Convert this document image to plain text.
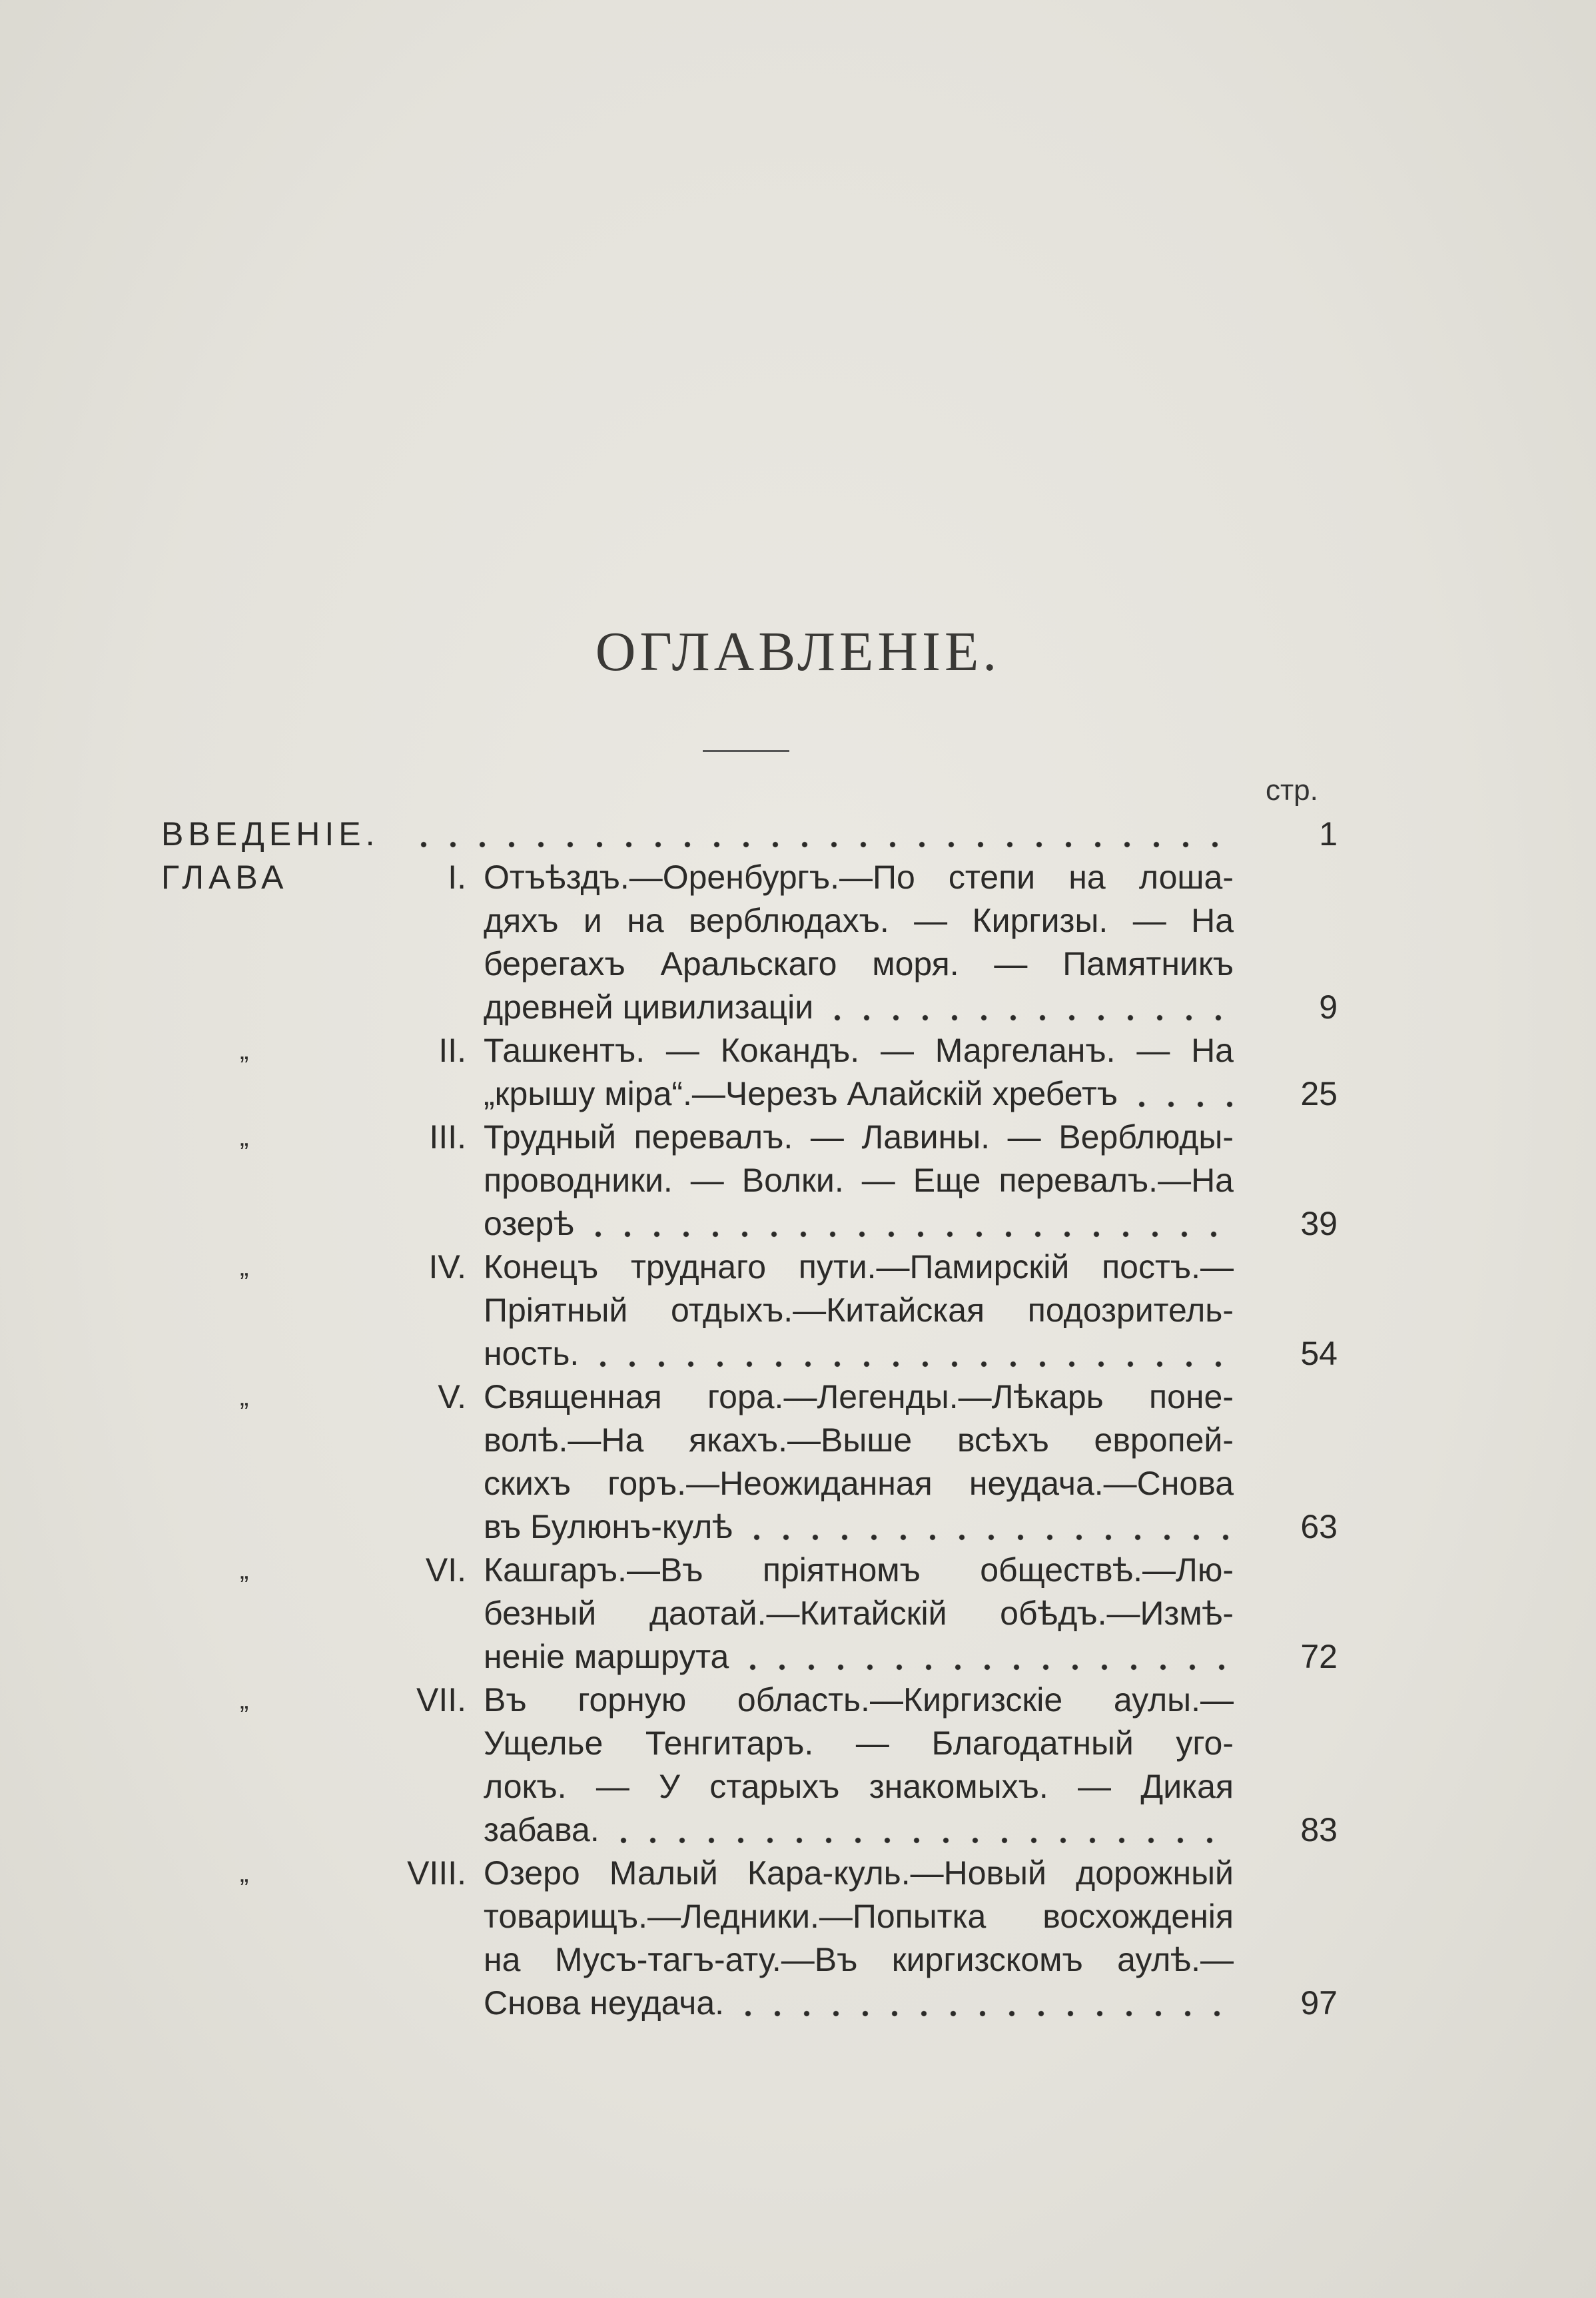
ОГЛАВЛЕНІЕ.
стр.
ВВЕДЕНІЕ.	1
ГЛАВА	I. Отъѣздъ.—Оренбургъ.—По степи на лоша-
дяхъ и на верблюдахъ. — Киргизы. — На
берегахъ Аральскаго моря. — Памятникъ
древней цивилизаціи	9
„	II. Ташкентъ. — Кокандъ. — Маргеланъ. — На
„крышу міра“.—Черезъ Алайскій хребетъ	25
„	III. Трудный перевалъ. — Лавины. — Верблюды-
проводники. — Волки. — Еще перевалъ.—На
озерѣ	39
„	IV. Конецъ труднаго пути.—Памирскій постъ.—
Пріятный отдыхъ.—Китайская подозритель-
ность.	54
„	V. Священная гора.—Легенды.—Лѣкарь поне-
волѣ.—На якахъ.—Выше всѣхъ европей-
скихъ горъ.—Неожиданная неудача.—Снова
въ Булюнъ-кулѣ	63
„	VI. Кашгаръ.—Въ пріятномъ обществѣ.—Лю-
безный даотай.—Китайскій обѣдъ.—Измѣ-
неніе маршрута	72
„	VII. Въ горную область.—Киргизскіе аулы.—
Ущелье Тенгитаръ. — Благодатный уго-
локъ. — У старыхъ знакомыхъ. — Дикая
забава.	83
„	VIII. Озеро Малый Кара-куль.—Новый дорожный
товарищъ.—Ледники.—Попытка восхожденія
на Мусъ-тагъ-ату.—Въ киргизскомъ аулѣ.—
Снова неудача.	97
